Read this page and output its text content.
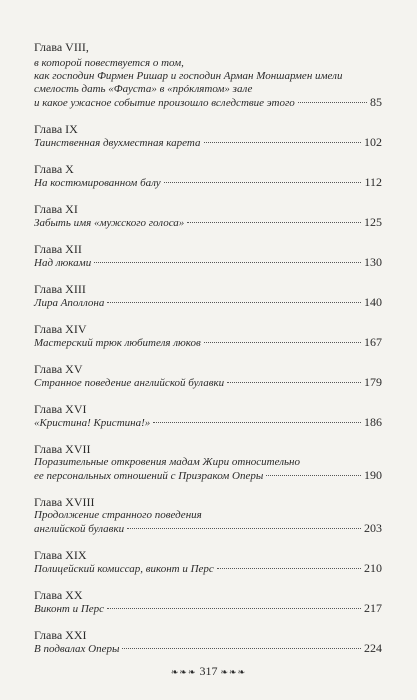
Глава VIII,
в которой повествуется о том,
как господин Фирмен Ришар и господин Арман Моншармен имели
смелость дать «Фауста» в «прóклятом» зале
и какое ужасное событие произошло вследствие этого	85
Глава IX
Таинственная двухместная карета	102
Глава X
На костюмированном балу	112
Глава XI
Забыть имя «мужского голоса»	125
Глава XII
Над люками	130
Глава XIII
Лира Аполлона	140
Глава XIV
Мастерский трюк любителя люков	167
Глава XV
Странное поведение английской булавки	179
Глава XVI
«Кристина! Кристина!»	186
Глава XVII
Поразительные откровения мадам Жири относительно
ее персональных отношений с Призраком Оперы	190
Глава XVIII
Продолжение странного поведения
английской булавки	203
Глава XIX
Полицейский комиссар, виконт и Перс	210
Глава XX
Виконт и Перс	217
Глава XXI
В подвалах Оперы	224
❧❧❧ 317 ❧❧❧
